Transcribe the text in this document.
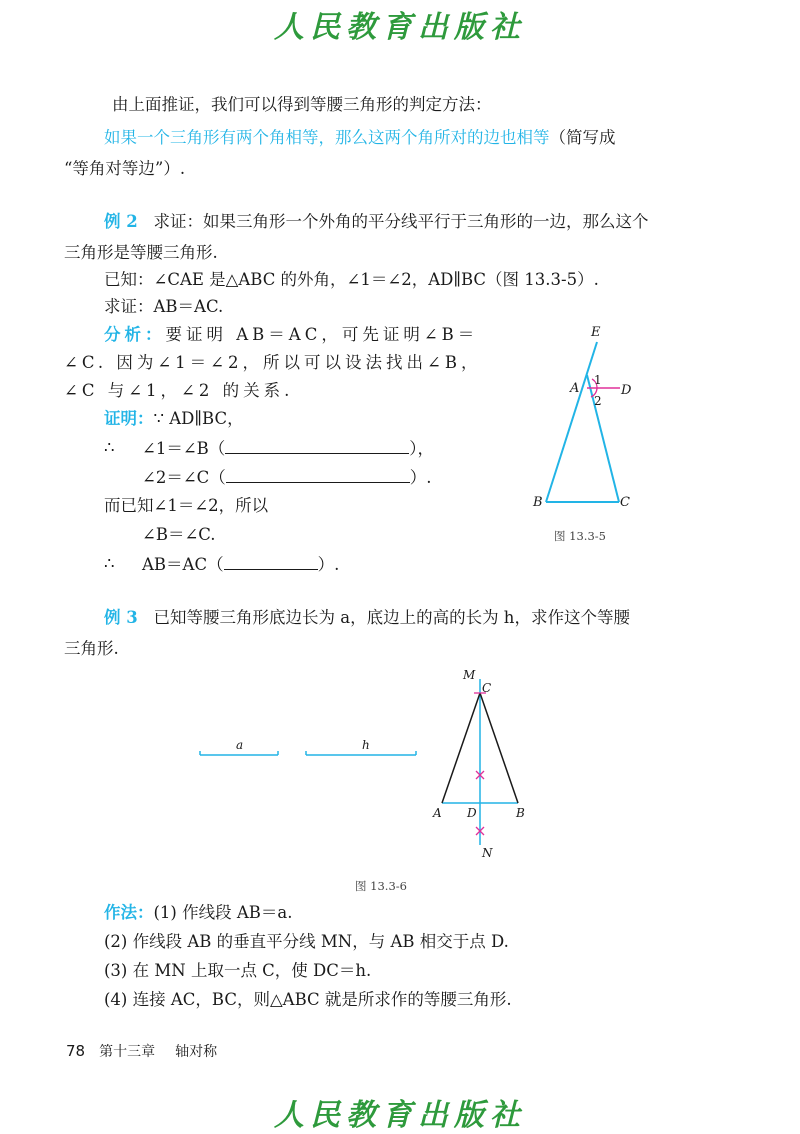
人民教育出版社
由上面推证，我们可以得到等腰三角形的判定方法：
如果一个三角形有两个角相等，那么这两个角所对的边也相等（简写成
“等角对等边”）.
例 2 求证：如果三角形一个外角的平分线平行于三角形的一边，那么这个
三角形是等腰三角形.
已知：∠CAE 是△ABC 的外角，∠1＝∠2，AD∥BC（图 13.3-5）.
求证：AB＝AC.
分析：要证明 AB＝AC，可先证明∠B＝
∠C. 因为∠1＝∠2，所以可以设法找出∠B，
∠C 与∠1，∠2 的关系.
证明：∵ AD∥BC，
∴ ∠1＝∠B（	），
∠2＝∠C（	）.
而已知∠1＝∠2，所以
∠B＝∠C.
∴ AB＝AC（	）.
E
A	D
1
2
B	C
图 13.3-5
例 3 已知等腰三角形底边长为 a，底边上的高的长为 h，求作这个等腰
三角形.
a	h
M
C
A D	B
N
图 13.3-6
作法：(1) 作线段 AB＝a.
(2) 作线段 AB 的垂直平分线 MN，与 AB 相交于点 D.
(3) 在 MN 上取一点 C，使 DC＝h.
(4) 连接 AC，BC，则△ABC 就是所求作的等腰三角形.
78 第十三章 轴对称
人民教育出版社
